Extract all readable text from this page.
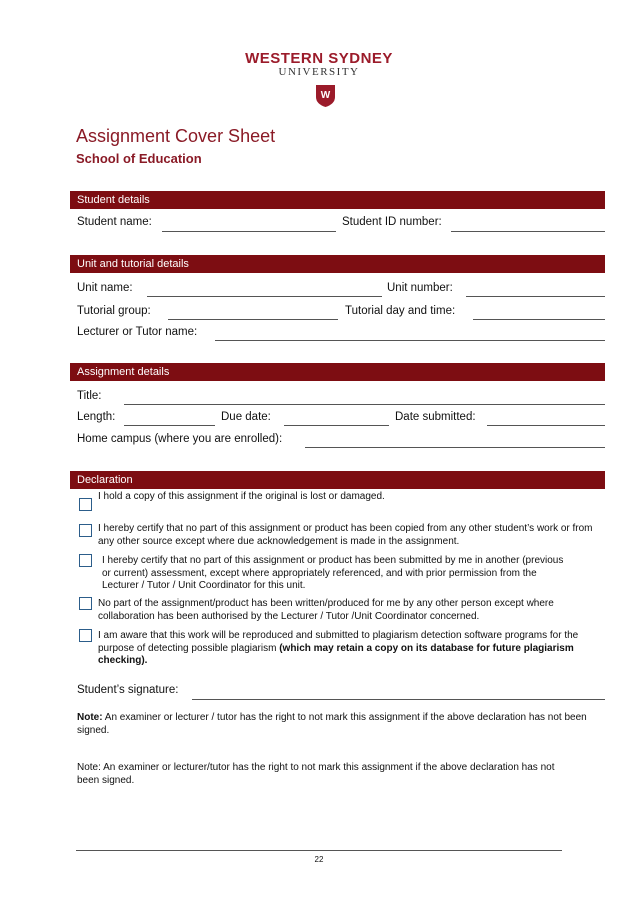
WESTERN SYDNEY
UNIVERSITY
W
Assignment Cover Sheet
School of Education
Student details
Student name:	Student ID number:
Unit and tutorial details
Unit name:	Unit number:
Tutorial group:	Tutorial day and time:
Lecturer or Tutor name:
Assignment details
Title:
Length:	Due date:	Date submitted:
Home campus (where you are enrolled):
Declaration
I hold a copy of this assignment if the original is lost or damaged.
I hereby certify that no part of this assignment or product has been copied from any other student’s work or from any other source except where due acknowledgement is made in the assignment.
I hereby certify that no part of this assignment or product has been submitted by me in another (previous or current) assessment, except where appropriately referenced, and with prior permission from the Lecturer / Tutor / Unit Coordinator for this unit.
No part of the assignment/product has been written/produced for me by any other person except where collaboration has been authorised by the Lecturer / Tutor /Unit Coordinator concerned.
I am aware that this work will be reproduced and submitted to plagiarism detection software programs for the purpose of detecting possible plagiarism (which may retain a copy on its database for future plagiarism checking).
Student’s signature:
Note: An examiner or lecturer / tutor has the right to not mark this assignment if the above declaration has not been signed.
Note: An examiner or lecturer/tutor has the right to not mark this assignment if the above declaration has not been signed.
22
